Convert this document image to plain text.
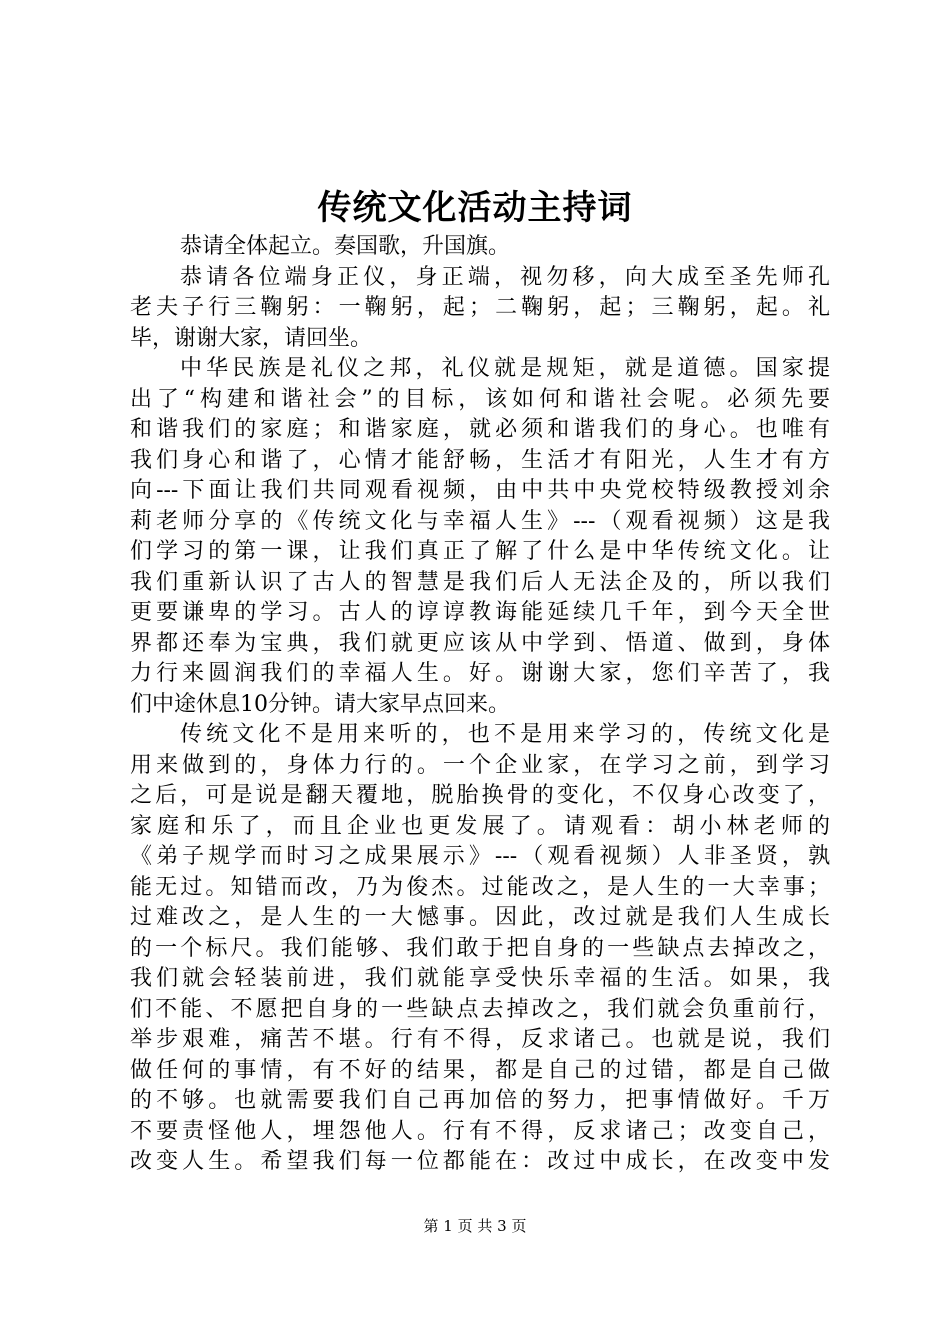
传统文化活动主持词
恭请全体起立。奏国歌，升国旗。
恭请各位端身正仪，身正端，视勿移，向大成至圣先师孔
老夫子行三鞠躬：一鞠躬，起；二鞠躬，起；三鞠躬，起。礼
毕，谢谢大家，请回坐。
中华民族是礼仪之邦，礼仪就是规矩，就是道德。国家提
出了“构建和谐社会”的目标，该如何和谐社会呢。必须先要
和谐我们的家庭；和谐家庭，就必须和谐我们的身心。也唯有
我们身心和谐了，心情才能舒畅，生活才有阳光，人生才有方
向---下面让我们共同观看视频，由中共中央党校特级教授刘余
莉老师分享的《传统文化与幸福人生》---（观看视频）这是我
们学习的第一课，让我们真正了解了什么是中华传统文化。让
我们重新认识了古人的智慧是我们后人无法企及的，所以我们
更要谦卑的学习。古人的谆谆教诲能延续几千年，到今天全世
界都还奉为宝典，我们就更应该从中学到、悟道、做到，身体
力行来圆润我们的幸福人生。好。谢谢大家，您们辛苦了，我
们中途休息10分钟。请大家早点回来。
传统文化不是用来听的，也不是用来学习的，传统文化是
用来做到的，身体力行的。一个企业家，在学习之前，到学习
之后，可是说是翻天覆地，脱胎换骨的变化，不仅身心改变了，
家庭和乐了，而且企业也更发展了。请观看：胡小林老师的
《弟子规学而时习之成果展示》---（观看视频）人非圣贤，孰
能无过。知错而改，乃为俊杰。过能改之，是人生的一大幸事；
过难改之，是人生的一大憾事。因此，改过就是我们人生成长
的一个标尺。我们能够、我们敢于把自身的一些缺点去掉改之，
我们就会轻装前进，我们就能享受快乐幸福的生活。如果，我
们不能、不愿把自身的一些缺点去掉改之，我们就会负重前行，
举步艰难，痛苦不堪。行有不得，反求诸己。也就是说，我们
做任何的事情，有不好的结果，都是自己的过错，都是自己做
的不够。也就需要我们自己再加倍的努力，把事情做好。千万
不要责怪他人，埋怨他人。行有不得，反求诸己；改变自己，
改变人生。希望我们每一位都能在：改过中成长，在改变中发
第 1 页 共 3 页
